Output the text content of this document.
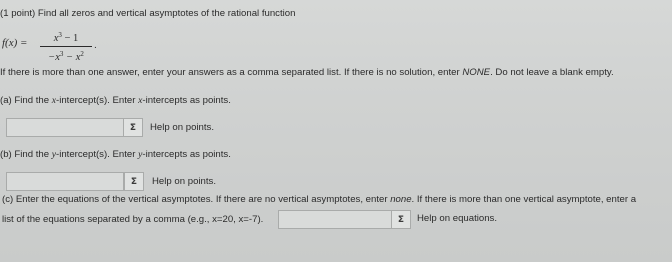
(1 point) Find all zeros and vertical asymptotes of the rational function
f(x) =	$x^3 - 1$
$-x^3 - x^2$
.
If there is more than one answer, enter your answers as a comma separated list. If there is no solution, enter NONE. Do not leave a blank empty.
(a) Find the x-intercept(s). Enter x-intercepts as points.
Σ Help on points.
(b) Find the y-intercept(s). Enter y-intercepts as points.
Σ Help on points.
(c) Enter the equations of the vertical asymptotes. If there are no vertical asymptotes, enter none. If there is more than one vertical asymptote, enter a
list of the equations separated by a comma (e.g., x=20, x=-7).	Σ Help on equations.
